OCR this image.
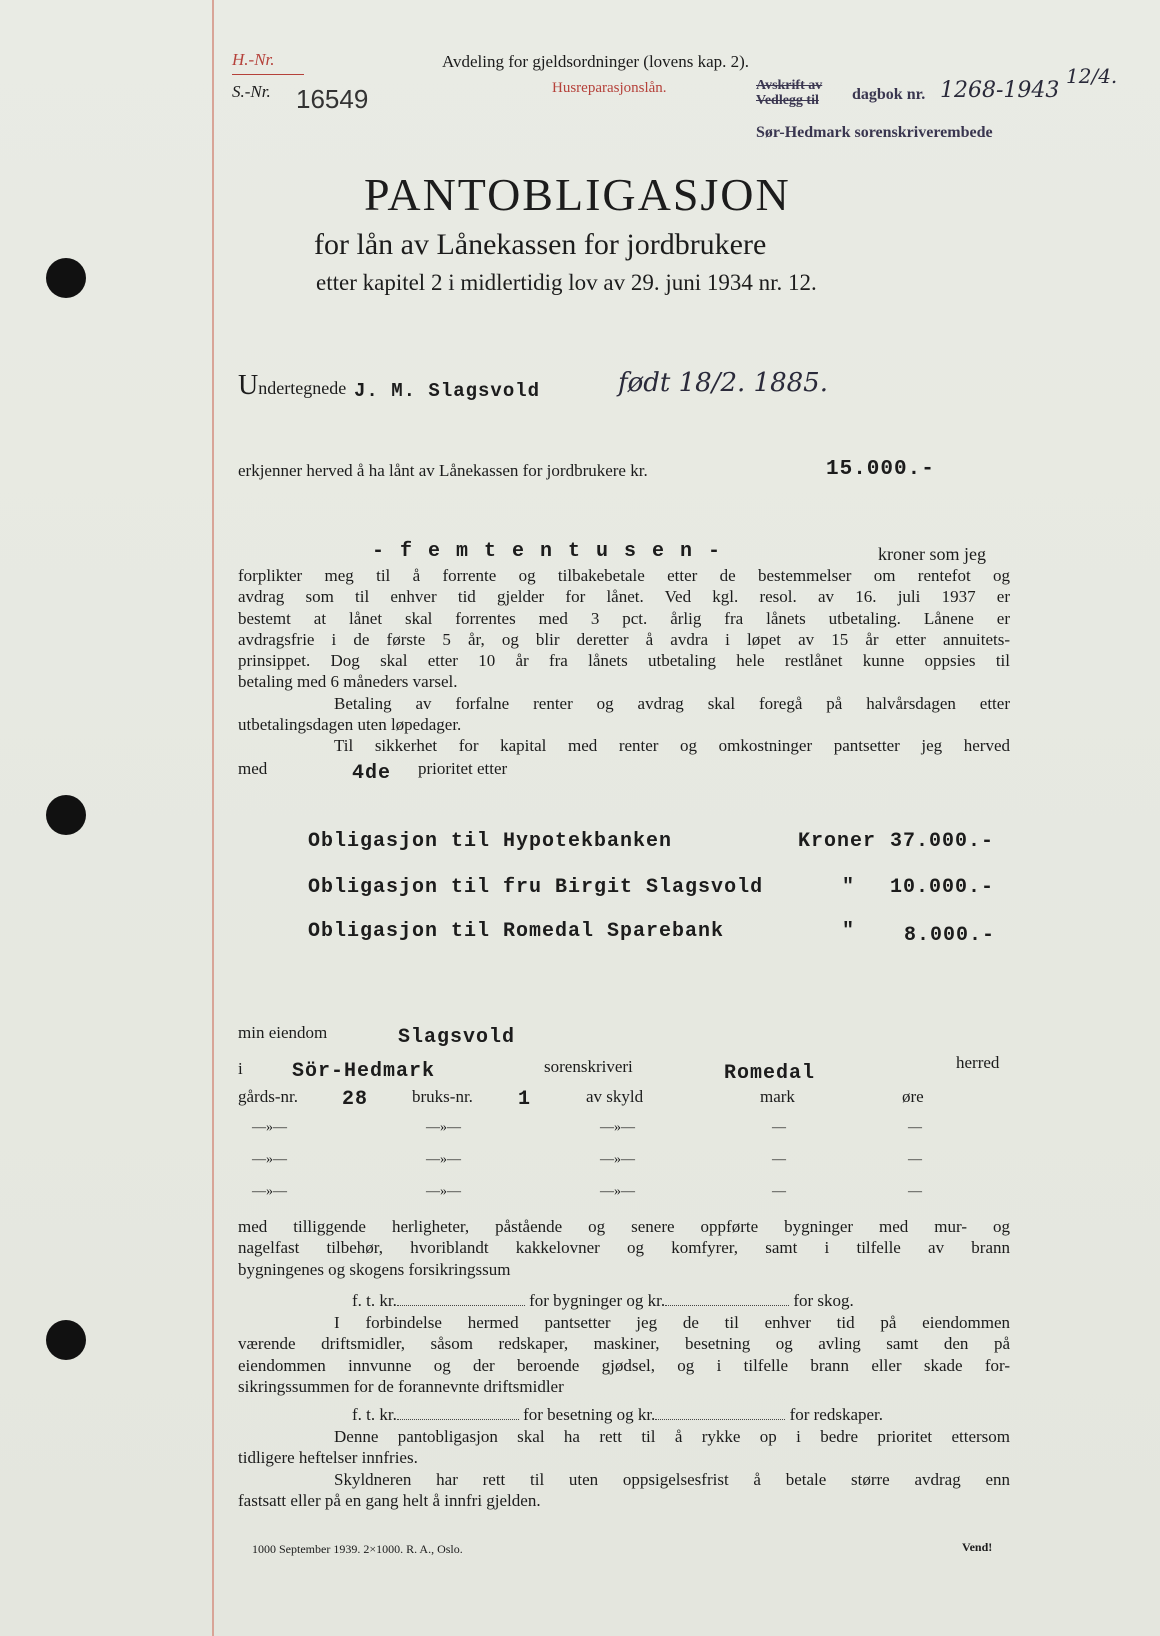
H.-Nr.
S.-Nr. 16549
Avdeling for gjeldsordninger (lovens kap. 2).
Husreparasjonslån.	Avskrift av Vedlegg til	dagbok nr. 1268-1943
12/4.
Sør-Hedmark sorenskriverembede
PANTOBLIGASJON
for lån av Lånekassen for jordbrukere
etter kapitel 2 i midlertidig lov av 29. juni 1934 nr. 12.
Undertegnede J. M. Slagsvold	født 18/2. 1885.
erkjenner herved å ha lånt av Lånekassen for jordbrukere kr.	15.000.-
- f e m t e n t u s e n -	kroner som jeg
forplikter meg til å forrente og tilbakebetale etter de bestemmelser om rentefot og
avdrag som til enhver tid gjelder for lånet. Ved kgl. resol. av 16. juli 1937 er
bestemt at lånet skal forrentes med 3 pct. årlig fra lånets utbetaling. Lånene er
avdragsfrie i de første 5 år, og blir deretter å avdra i løpet av 15 år etter annuitets-
prinsippet. Dog skal etter 10 år fra lånets utbetaling hele restlånet kunne oppsies til
betaling med 6 måneders varsel.
Betaling av forfalne renter og avdrag skal foregå på halvårsdagen etter
utbetalingsdagen uten løpedager.
Til sikkerhet for kapital med renter og omkostninger pantsetter jeg herved
med	4de prioritet etter
Obligasjon til Hypotekbanken	Kroner 37.000.-
Obligasjon til fru Birgit Slagsvold	" 10.000.-
Obligasjon til Romedal Sparebank	" 8.000.-
min eiendom	Slagsvold
i Sör-Hedmark	sorenskriveri	Romedal	herred
gårds-nr. 28	bruks-nr. 1	av skyld	mark	øre
—»—	—»—	—»—	—	—
—»—	—»—	—»—	—	—
—»—	—»—	—»—	—	—
med tilliggende herligheter, påstående og senere oppførte bygninger med mur- og
nagelfast tilbehør, hvoriblandt kakkelovner og komfyrer, samt i tilfelle av brann
bygningenes og skogens forsikringssum
f. t. kr.	for bygninger og kr.	for skog.
I forbindelse hermed pantsetter jeg de til enhver tid på eiendommen
værende driftsmidler, såsom redskaper, maskiner, besetning og avling samt den på
eiendommen innvunne og der beroende gjødsel, og i tilfelle brann eller skade for-
sikringssummen for de forannevnte driftsmidler
f. t. kr.	for besetning og kr.	for redskaper.
Denne pantobligasjon skal ha rett til å rykke op i bedre prioritet ettersom
tidligere heftelser innfries.
Skyldneren har rett til uten oppsigelsesfrist å betale større avdrag enn
fastsatt eller på en gang helt å innfri gjelden.
1000 September 1939. 2×1000. R. A., Oslo.	Vend!
